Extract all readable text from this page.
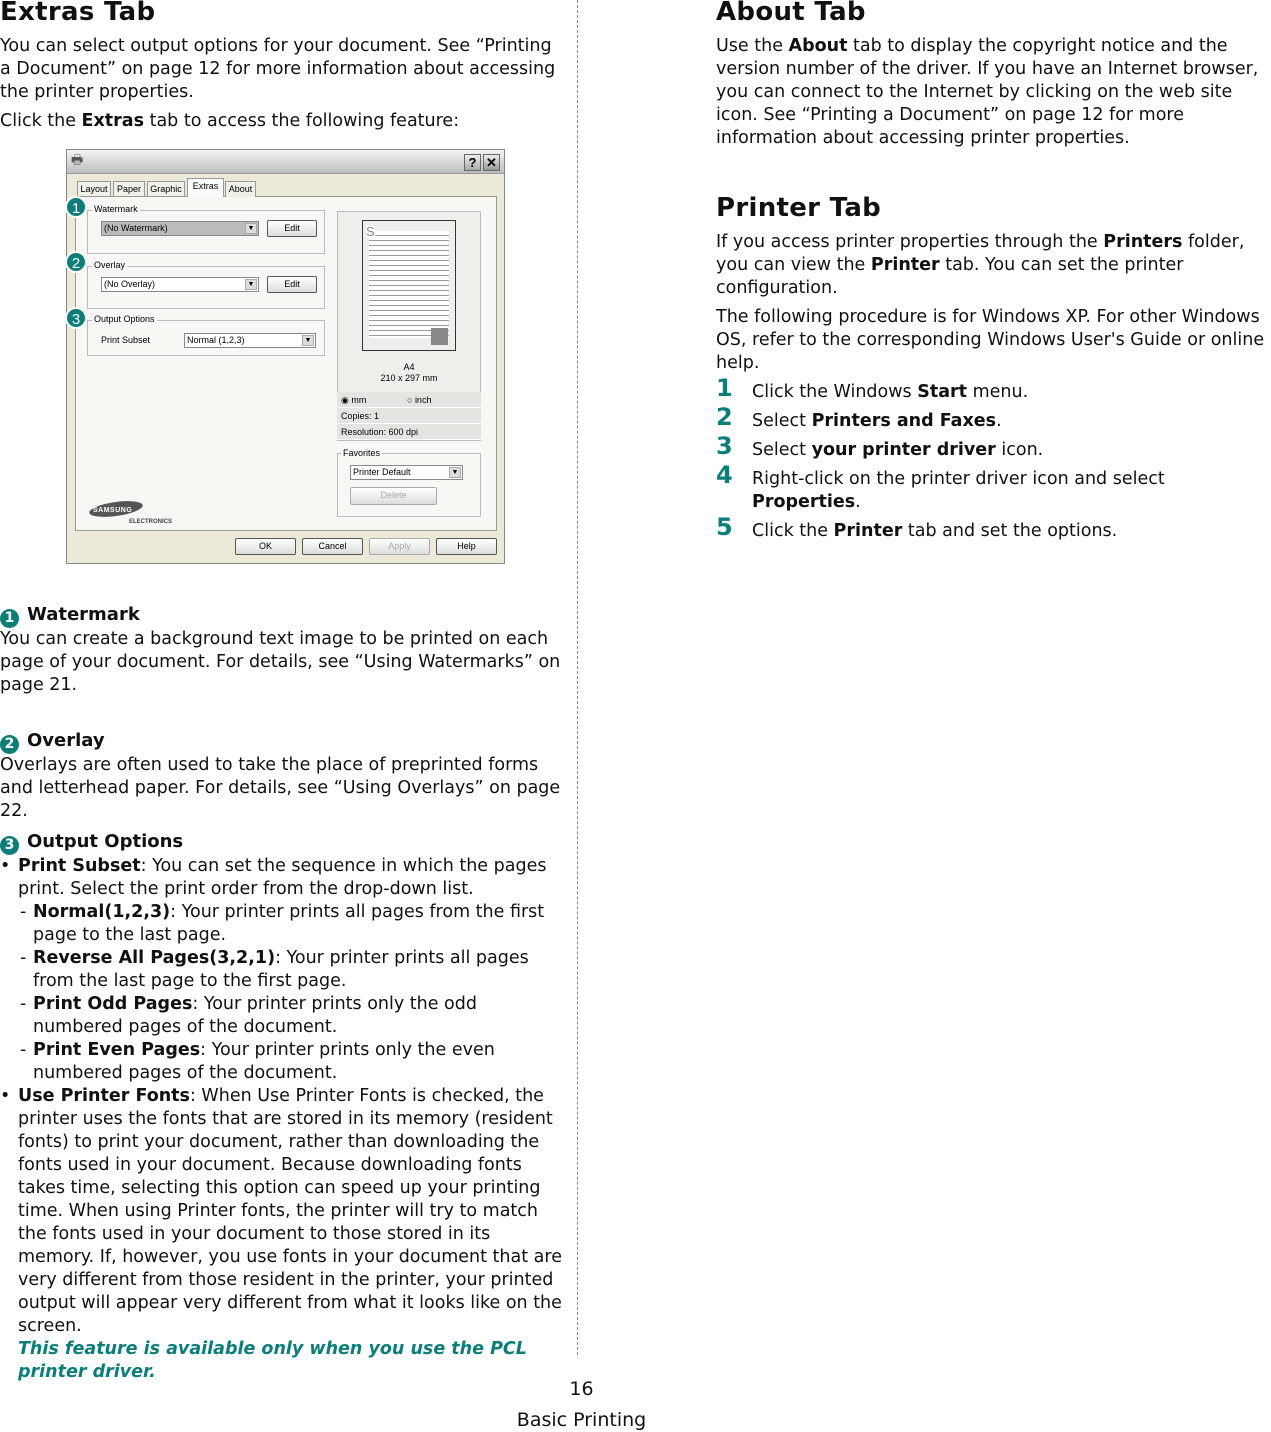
Extras Tab

You can select output options for your document. See “Printing a Document” on page 12 for more information about accessing the printer properties.

Click the Extras tab to access the following feature:

🖶	? ✕
Layout	Paper	Graphic	Extras	About
Watermark
(No Watermark)	▼	Edit
Overlay
(No Overlay)	▼	Edit
Output Options
Print Subset	Normal (1,2,3)	▼
1
2
3
S
A4
210 x 297 mm
◉ mm	○ inch
Copies: 1
Resolution: 600 dpi
Favorites
Printer Default	▼
Delete
SAMSUNG
ELECTRONICS
OK	Cancel	Apply	Help
1 Watermark

You can create a background text image to be printed on each page of your document. For details, see “Using Watermarks” on page 21.

2 Overlay

Overlays are often used to take the place of preprinted forms and letterhead paper. For details, see “Using Overlays” on page 22.

3 Output Options
• Print Subset: You can set the sequence in which the pages print. Select the print order from the drop-down list.
- Normal(1,2,3): Your printer prints all pages from the first page to the last page.
- Reverse All Pages(3,2,1): Your printer prints all pages from the last page to the first page.
- Print Odd Pages: Your printer prints only the odd numbered pages of the document.
- Print Even Pages: Your printer prints only the even numbered pages of the document.
• Use Printer Fonts: When Use Printer Fonts is checked, the printer uses the fonts that are stored in its memory (resident fonts) to print your document, rather than downloading the fonts used in your document. Because downloading fonts takes time, selecting this option can speed up your printing time. When using Printer fonts, the printer will try to match the fonts used in your document to those stored in its memory. If, however, you use fonts in your document that are very different from those resident in the printer, your printed output will appear very different from what it looks like on the screen.
This feature is available only when you use the PCL printer driver.
About Tab

Use the About tab to display the copyright notice and the version number of the driver. If you have an Internet browser, you can connect to the Internet by clicking on the web site icon. See “Printing a Document” on page 12 for more information about accessing printer properties.

Printer Tab

If you access printer properties through the Printers folder, you can view the Printer tab. You can set the printer configuration.

The following procedure is for Windows XP. For other Windows OS, refer to the corresponding Windows User's Guide or online help.

1 Click the Windows Start menu.
2 Select Printers and Faxes.
3 Select your printer driver icon.
4 Right-click on the printer driver icon and select Properties.
5 Click the Printer tab and set the options.
16
Basic Printing
